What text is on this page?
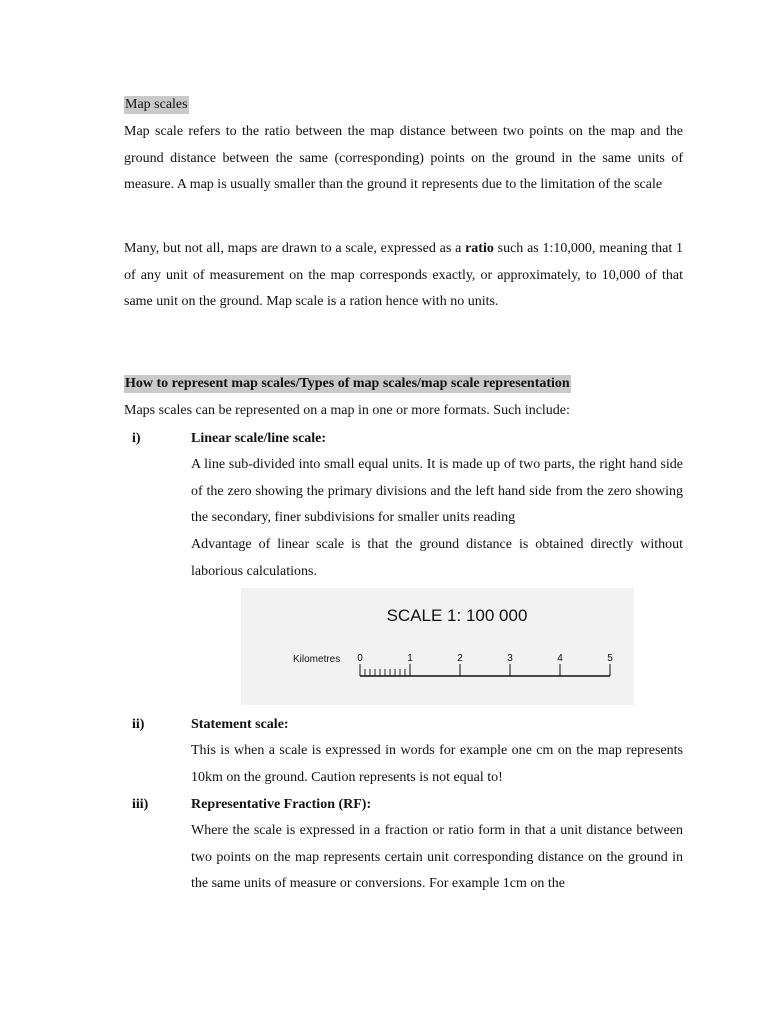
Map scales

Map scale refers to the ratio between the map distance between two points on the map and the ground distance between the same (corresponding) points on the ground in the same units of measure. A map is usually smaller than the ground it represents due to the limitation of the scale

Many, but not all, maps are drawn to a scale, expressed as a ratio such as 1:10,000, meaning that 1 of any unit of measurement on the map corresponds exactly, or approximately, to 10,000 of that same unit on the ground. Map scale is a ration hence with no units.

How to represent map scales/Types of map scales/map scale representation
Maps scales can be represented on a map in one or more formats. Such include:
i)	Linear scale/line scale:

A line sub-divided into small equal units. It is made up of two parts, the right hand side of the zero showing the primary divisions and the left hand side from the zero showing the secondary, finer subdivisions for smaller units reading

Advantage of linear scale is that the ground distance is obtained directly without laborious calculations.

SCALE 1: 100 000
Kilometres 0	1	2	3	4	5
ii)	Statement scale:

This is when a scale is expressed in words for example one cm on the map represents 10km on the ground. Caution represents is not equal to!

iii)	Representative Fraction (RF):

Where the scale is expressed in a fraction or ratio form in that a unit distance between two points on the map represents certain unit corresponding distance on the ground in the same units of measure or conversions. For example 1cm on the
